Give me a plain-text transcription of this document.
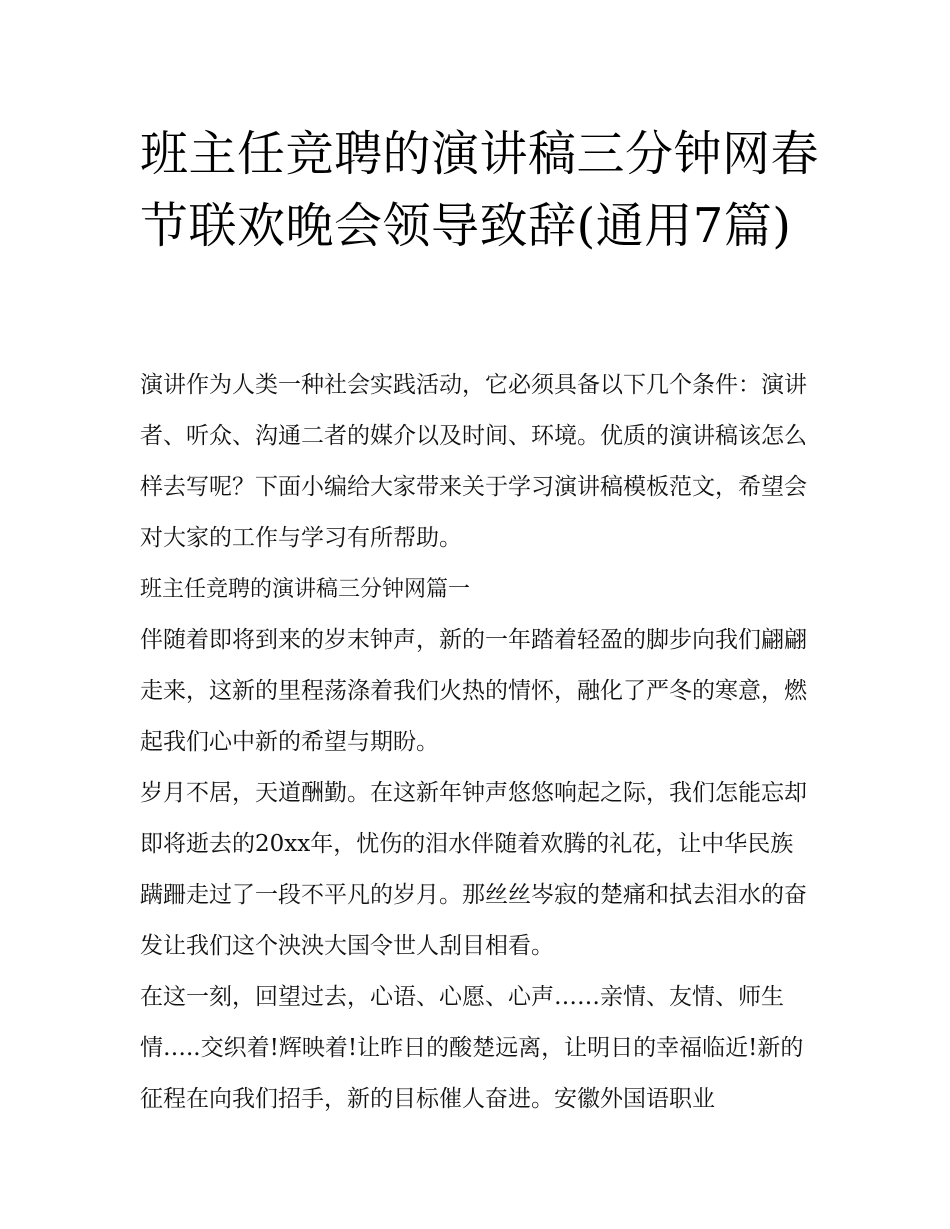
班主任竞聘的演讲稿三分钟网春节联欢晚会领导致辞(通用7篇)

演讲作为人类一种社会实践活动，它必须具备以下几个条件：演讲者、听众、沟通二者的媒介以及时间、环境。优质的演讲稿该怎么样去写呢？下面小编给大家带来关于学习演讲稿模板范文，希望会对大家的工作与学习有所帮助。

班主任竞聘的演讲稿三分钟网篇一

伴随着即将到来的岁末钟声，新的一年踏着轻盈的脚步向我们翩翩走来，这新的里程荡涤着我们火热的情怀，融化了严冬的寒意，燃起我们心中新的希望与期盼。

岁月不居，天道酬勤。在这新年钟声悠悠响起之际，我们怎能忘却即将逝去的20xx年，忧伤的泪水伴随着欢腾的礼花，让中华民族蹒跚走过了一段不平凡的岁月。那丝丝岑寂的楚痛和拭去泪水的奋发让我们这个泱泱大国令世人刮目相看。

在这一刻，回望过去，心语、心愿、心声……亲情、友情、师生情…..交织着!辉映着!让昨日的酸楚远离，让明日的幸福临近!新的征程在向我们招手，新的目标催人奋进。安徽外国语职业
